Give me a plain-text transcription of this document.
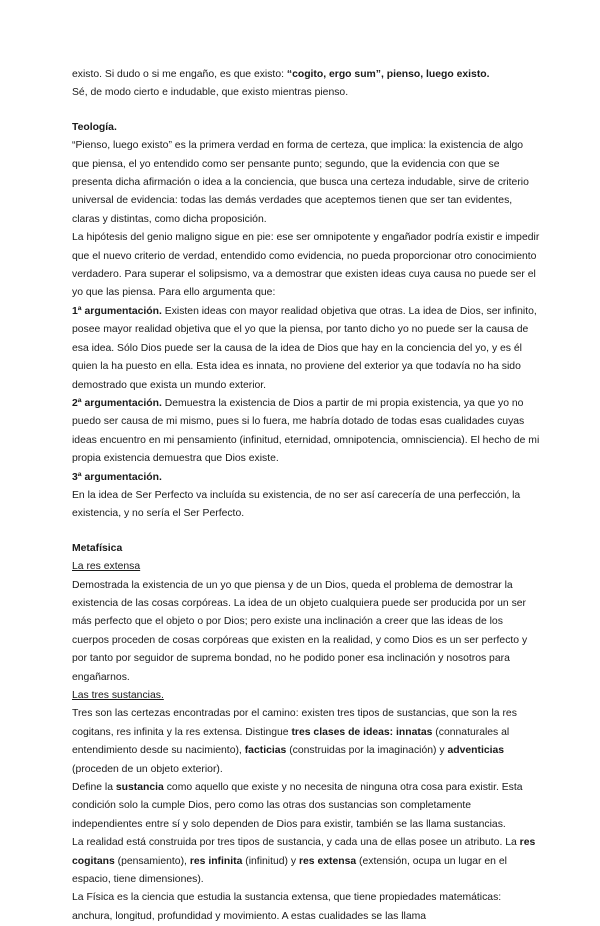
existo. Si dudo o si me engaño, es que existo: “cogito, ergo sum”, pienso, luego existo.
Sé, de modo cierto e indudable, que existo mientras pienso.

Teología.

“Pienso, luego existo” es la primera verdad en forma de certeza, que implica: la existencia de algo que piensa, el yo entendido como ser pensante punto; segundo, que la evidencia con que se presenta dicha afirmación o idea a la conciencia, que busca una certeza indudable, sirve de criterio universal de evidencia: todas las demás verdades que aceptemos tienen que ser tan evidentes, claras y distintas, como dicha proposición.

La hipótesis del genio maligno sigue en pie: ese ser omnipotente y engañador podría existir e impedir que el nuevo criterio de verdad, entendido como evidencia, no pueda proporcionar otro conocimiento verdadero. Para superar el solipsismo, va a demostrar que existen ideas cuya causa no puede ser el yo que las piensa. Para ello argumenta que:

1ª argumentación. Existen ideas con mayor realidad objetiva que otras. La idea de Dios, ser infinito, posee mayor realidad objetiva que el yo que la piensa, por tanto dicho yo no puede ser la causa de esa idea. Sólo Dios puede ser la causa de la idea de Dios que hay en la conciencia del yo, y es él quien la ha puesto en ella. Esta idea es innata, no proviene del exterior ya que todavía no ha sido demostrado que exista un mundo exterior.

2ª argumentación. Demuestra la existencia de Dios a partir de mi propia existencia, ya que yo no puedo ser causa de mi mismo, pues si lo fuera, me habría dotado de todas esas cualidades cuyas ideas encuentro en mi pensamiento (infinitud, eternidad, omnipotencia, omnisciencia). El hecho de mi propia existencia demuestra que Dios existe.

3ª argumentación.

En la idea de Ser Perfecto va incluída su existencia, de no ser así carecería de una perfección, la existencia, y no sería el Ser Perfecto.

Metafísica

La res extensa

Demostrada la existencia de un yo que piensa y de un Dios, queda el problema de demostrar la existencia de las cosas corpóreas. La idea de un objeto cualquiera puede ser producida por un ser más perfecto que el objeto o por Dios; pero existe una inclinación a creer que las ideas de los cuerpos proceden de cosas corpóreas que existen en la realidad, y como Dios es un ser perfecto y por tanto por seguidor de suprema bondad, no he podido poner esa inclinación y nosotros para engañarnos.

Las tres sustancias.

Tres son las certezas encontradas por el camino: existen tres tipos de sustancias, que son la res cogitans, res infinita y la res extensa. Distingue tres clases de ideas: innatas (connaturales al entendimiento desde su nacimiento), facticias (construidas por la imaginación) y adventicias (proceden de un objeto exterior).

Define la sustancia como aquello que existe y no necesita de ninguna otra cosa para existir. Esta condición solo la cumple Dios, pero como las otras dos sustancias son completamente independientes entre sí y solo dependen de Dios para existir, también se las llama sustancias.

La realidad está construida por tres tipos de sustancia, y cada una de ellas posee un atributo. La res cogitans (pensamiento), res infinita (infinitud) y res extensa (extensión, ocupa un lugar en el espacio, tiene dimensiones).

La Física es la ciencia que estudia la sustancia extensa, que tiene propiedades matemáticas: anchura, longitud, profundidad y movimiento. A estas cualidades se las llama
